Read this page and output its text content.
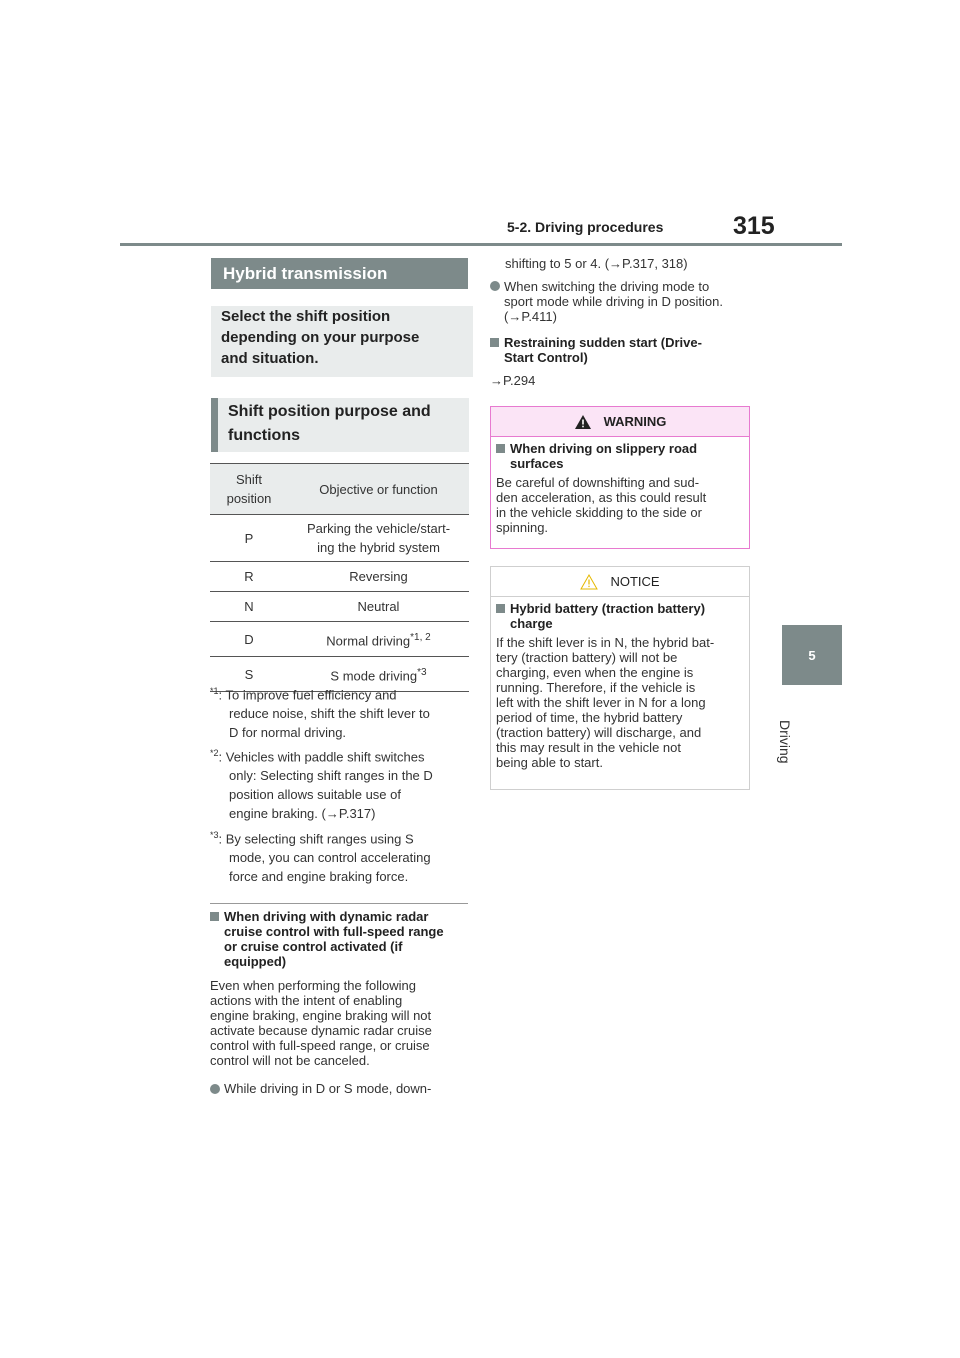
5-2. Driving procedures	315
5
Driving
Hybrid transmission
Select the shift position
depending on your purpose
and situation.
Shift position purpose and
functions
Shift
position	Objective or function
P	Parking the vehicle/start-
ing the hybrid system
R	Reversing
N	Neutral
D	Normal driving$^{*1, 2}$
S	S mode driving$^{*3}$
$^{*1}$: To improve fuel efficiency and
reduce noise, shift the shift lever to
D for normal driving.
$^{*2}$: Vehicles with paddle shift switches
only: Selecting shift ranges in the D
position allows suitable use of
engine braking. (→P.317)
$^{*3}$: By selecting shift ranges using S
mode, you can control accelerating
force and engine braking force.
When driving with dynamic radar
cruise control with full-speed range
or cruise control activated (if
equipped)
Even when performing the following
actions with the intent of enabling
engine braking, engine braking will not
activate because dynamic radar cruise
control with full-speed range, or cruise
control will not be canceled.
While driving in D or S mode, down-
shifting to 5 or 4. (→P.317, 318)
When switching the driving mode to
sport mode while driving in D position.
(→P.411)
Restraining sudden start (Drive-
Start Control)
→P.294
WARNING
When driving on slippery road
surfaces
Be careful of downshifting and sud-
den acceleration, as this could result
in the vehicle skidding to the side or
spinning.
NOTICE
Hybrid battery (traction battery)
charge
If the shift lever is in N, the hybrid bat-
tery (traction battery) will not be
charging, even when the engine is
running. Therefore, if the vehicle is
left with the shift lever in N for a long
period of time, the hybrid battery
(traction battery) will discharge, and
this may result in the vehicle not
being able to start.
